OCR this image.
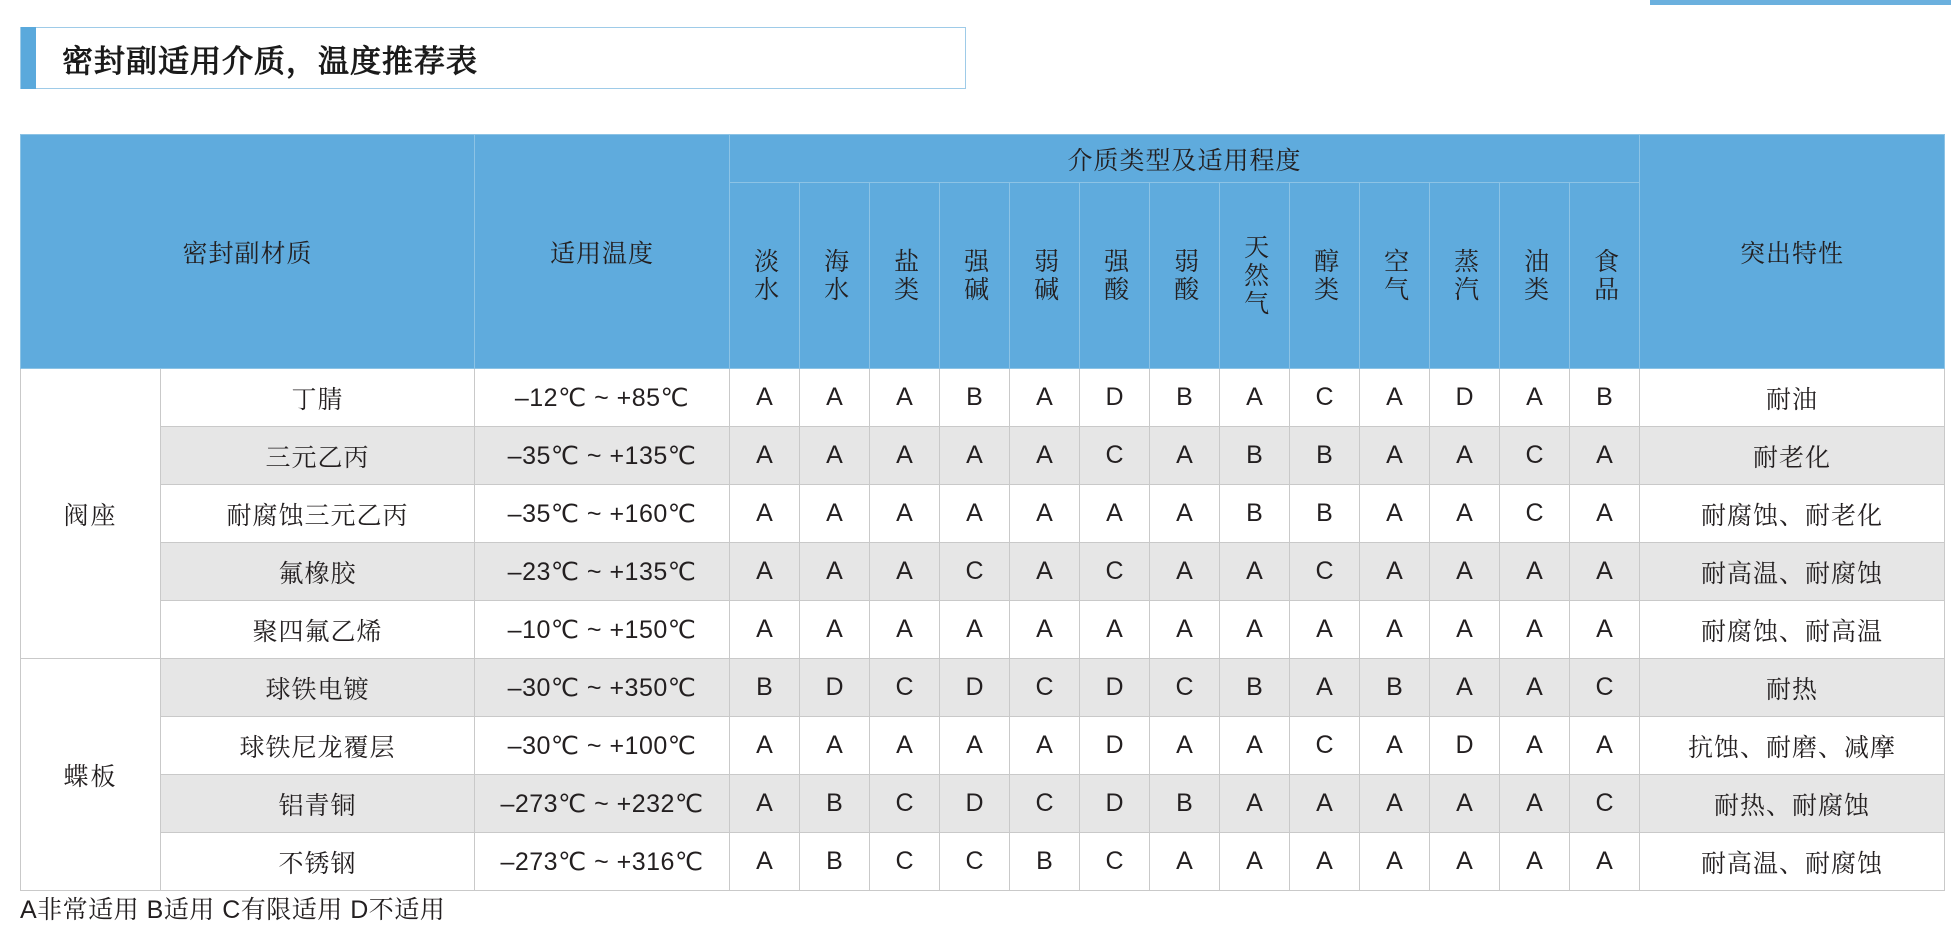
密封副适用介质，温度推荐表
密封副材质		适用温度	介质类型及适用程度													突出特性
			淡水	海水	盐类	强碱	弱碱	强酸	弱酸	天然气	醇类	空气	蒸汽	油类	食品	
阀座	丁腈	–12℃ ~ +85℃	A	A	A	B	A	D	B	A	C	A	D	A	B	耐油
	三元乙丙	–35℃ ~ +135℃	A	A	A	A	A	C	A	B	B	A	A	C	A	耐老化
	耐腐蚀三元乙丙	–35℃ ~ +160℃	A	A	A	A	A	A	A	B	B	A	A	C	A	耐腐蚀、耐老化
	氟橡胶	–23℃ ~ +135℃	A	A	A	C	A	C	A	A	C	A	A	A	A	耐高温、耐腐蚀
	聚四氟乙烯	–10℃ ~ +150℃	A	A	A	A	A	A	A	A	A	A	A	A	A	耐腐蚀、耐高温
蝶板	球铁电镀	–30℃ ~ +350℃	B	D	C	D	C	D	C	B	A	B	A	A	C	耐热
	球铁尼龙覆层	–30℃ ~ +100℃	A	A	A	A	A	D	A	A	C	A	D	A	A	抗蚀、耐磨、减摩
	铝青铜	–273℃ ~ +232℃	A	B	C	D	C	D	B	A	A	A	A	A	C	耐热、耐腐蚀
	不锈钢	–273℃ ~ +316℃	A	B	C	C	B	C	A	A	A	A	A	A	A	耐高温、耐腐蚀
A非常适用 B适用 C有限适用 D不适用
